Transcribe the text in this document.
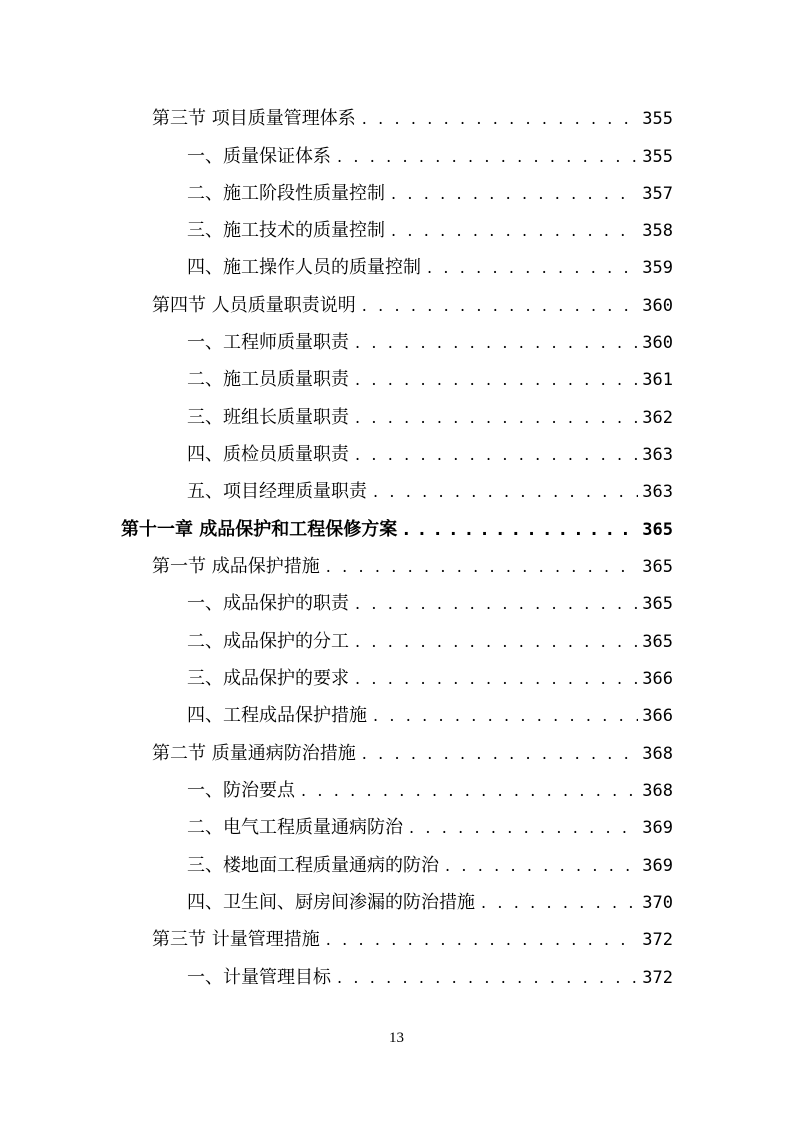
第三节 项目质量管理体系 . . .	355
一、质量保证体系 . . .	355
二、施工阶段性质量控制 . . .	357
三、施工技术的质量控制 . . .	358
四、施工操作人员的质量控制 . . .	359
第四节 人员质量职责说明 . . .	360
一、工程师质量职责 . . .	360
二、施工员质量职责 . . .	361
三、班组长质量职责 . . .	362
四、质检员质量职责 . . .	363
五、项目经理质量职责 . . .	363
第十一章 成品保护和工程保修方案 . . .	365
第一节 成品保护措施 . . .	365
一、成品保护的职责 . . .	365
二、成品保护的分工 . . .	365
三、成品保护的要求 . . .	366
四、工程成品保护措施 . . .	366
第二节 质量通病防治措施 . . .	368
一、防治要点 . . .	368
二、电气工程质量通病防治 . . .	369
三、楼地面工程质量通病的防治 . . .	369
四、卫生间、厨房间渗漏的防治措施 . . .	370
第三节 计量管理措施 . . .	372
一、计量管理目标 . . .	372
13
